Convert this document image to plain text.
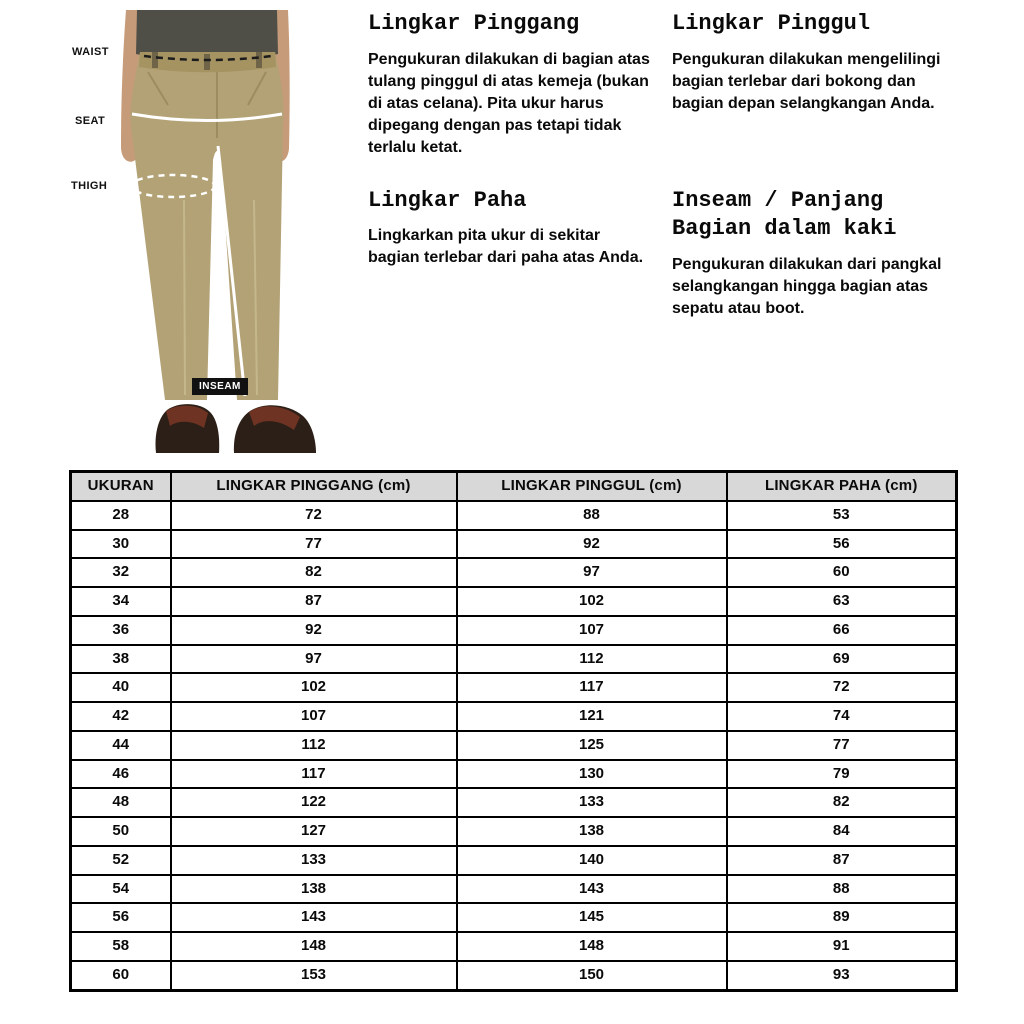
WAIST
SEAT
THIGH
INSEAM
Lingkar Pinggang

Pengukuran dilakukan di bagian atas tulang pinggul di atas kemeja (bukan di atas celana). Pita ukur harus dipegang dengan pas tetapi tidak terlalu ketat.

Lingkar Pinggul

Pengukuran dilakukan mengelilingi bagian terlebar dari bokong dan bagian depan selangkangan Anda.

Lingkar Paha

Lingkarkan pita ukur di sekitar bagian terlebar dari paha atas Anda.

Inseam / Panjang Bagian dalam kaki

Pengukuran dilakukan dari pangkal selangkangan hingga bagian atas sepatu atau boot.

UKURAN	LINGKAR PINGGANG (cm)	LINGKAR PINGGUL (cm)	LINGKAR PAHA (cm)
28	72	88	53
30	77	92	56
32	82	97	60
34	87	102	63
36	92	107	66
38	97	112	69
40	102	117	72
42	107	121	74
44	112	125	77
46	117	130	79
48	122	133	82
50	127	138	84
52	133	140	87
54	138	143	88
56	143	145	89
58	148	148	91
60	153	150	93
